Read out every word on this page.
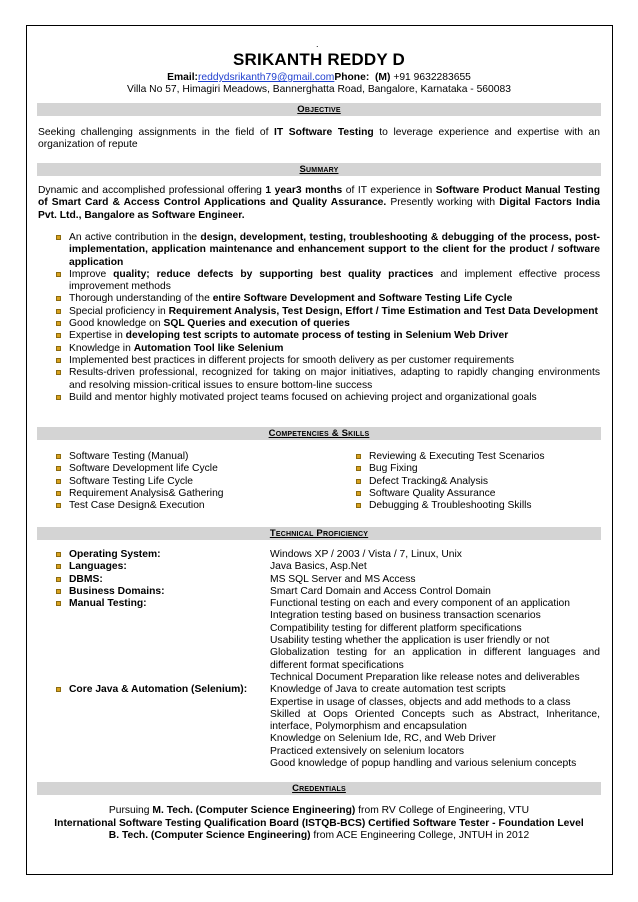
.
SRIKANTH REDDY D
Email:reddydsrikanth79@gmail.comPhone: (M) +91 9632283655
Villa No 57, Himagiri Meadows, Bannerghatta Road, Bangalore, Karnataka - 560083
Objective
Seeking challenging assignments in the field of IT Software Testing to leverage experience and expertise with an organization of repute
Summary
Dynamic and accomplished professional offering 1 year3 months of IT experience in Software Product Manual Testing of Smart Card & Access Control Applications and Quality Assurance. Presently working with Digital Factors India Pvt. Ltd., Bangalore as Software Engineer.
An active contribution in the design, development, testing, troubleshooting & debugging of the process, post-implementation, application maintenance and enhancement support to the client for the product / software application
Improve quality; reduce defects by supporting best quality practices and implement effective process improvement methods
Thorough understanding of the entire Software Development and Software Testing Life Cycle
Special proficiency in Requirement Analysis, Test Design, Effort / Time Estimation and Test Data Development
Good knowledge on SQL Queries and execution of queries
Expertise in developing test scripts to automate process of testing in Selenium Web Driver
Knowledge in Automation Tool like Selenium
Implemented best practices in different projects for smooth delivery as per customer requirements
Results-driven professional, recognized for taking on major initiatives, adapting to rapidly changing environments and resolving mission-critical issues to ensure bottom-line success
Build and mentor highly motivated project teams focused on achieving project and organizational goals
Competencies & Skills
Software Testing (Manual)
Software Development life Cycle
Software Testing Life Cycle
Requirement Analysis& Gathering
Test Case Design& Execution
Reviewing & Executing Test Scenarios
Bug Fixing
Defect Tracking& Analysis
Software Quality Assurance
Debugging & Troubleshooting Skills
Technical Proficiency
Operating System:	Windows XP / 2003 / Vista / 7, Linux, Unix
Languages:	Java Basics, Asp.Net
DBMS:	MS SQL Server and MS Access
Business Domains:	Smart Card Domain and Access Control Domain
Manual Testing:	Functional testing on each and every component of an application
Integration testing based on business transaction scenarios
Compatibility testing for different platform specifications
Usability testing whether the application is user friendly or not
Globalization testing for an application in different languages and different format specifications
Technical Document Preparation like release notes and deliverables
Core Java & Automation (Selenium): Knowledge of Java to create automation test scripts
Expertise in usage of classes, objects and add methods to a class
Skilled at Oops Oriented Concepts such as Abstract, Inheritance, interface, Polymorphism and encapsulation
Knowledge on Selenium Ide, RC, and Web Driver
Practiced extensively on selenium locators
Good knowledge of popup handling and various selenium concepts
Credentials
Pursuing M. Tech. (Computer Science Engineering) from RV College of Engineering, VTU
International Software Testing Qualification Board (ISTQB-BCS) Certified Software Tester - Foundation Level
B. Tech. (Computer Science Engineering) from ACE Engineering College, JNTUH in 2012
